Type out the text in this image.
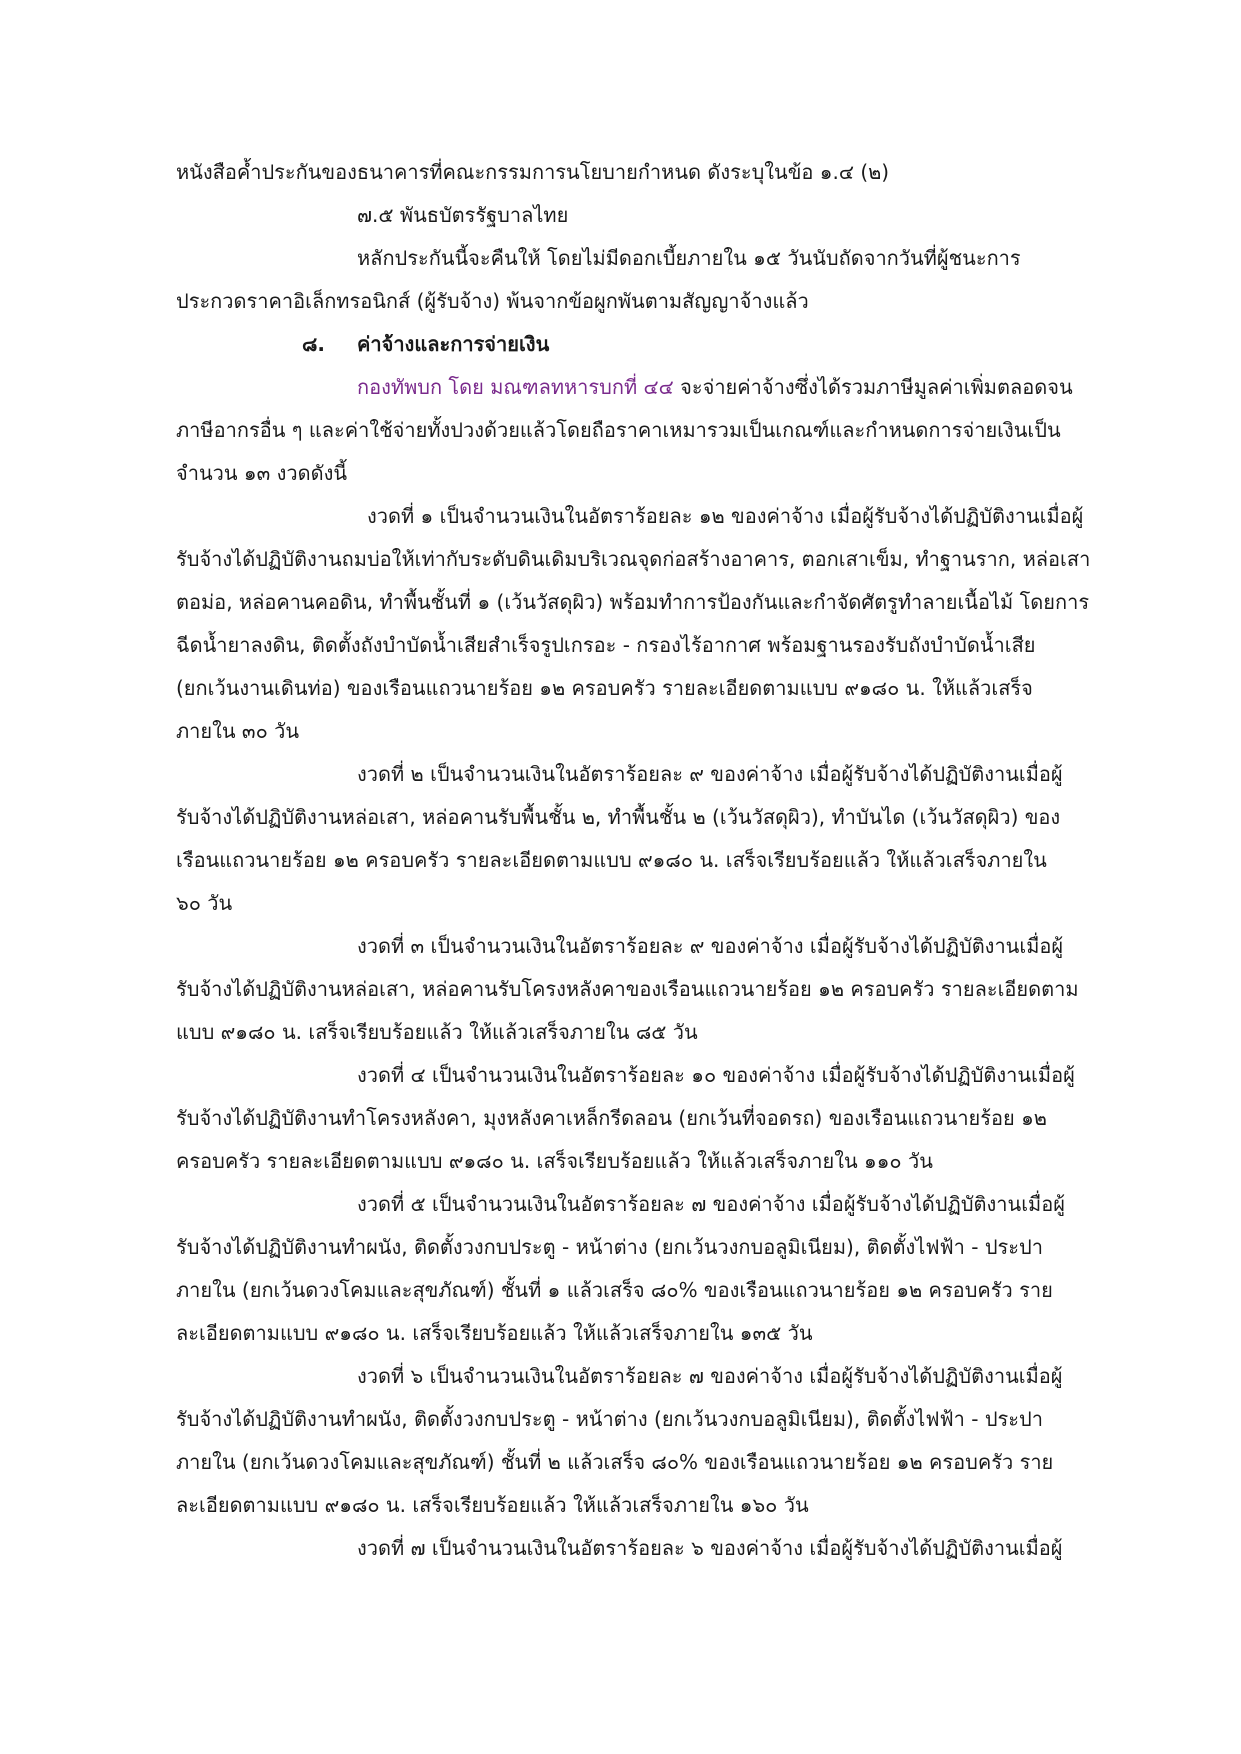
หนังสือค้ำประกันของธนาคารที่คณะกรรมการนโยบายกำหนด ดังระบุในข้อ ๑.๔ (๒)
๗.๕ พันธบัตรรัฐบาลไทย
หลักประกันนี้จะคืนให้ โดยไม่มีดอกเบี้ยภายใน ๑๕ วันนับถัดจากวันที่ผู้ชนะการ
ประกวดราคาอิเล็กทรอนิกส์ (ผู้รับจ้าง) พ้นจากข้อผูกพันตามสัญญาจ้างแล้ว
๘. ค่าจ้างและการจ่ายเงิน
กองทัพบก โดย มณฑลทหารบกที่ ๔๔ จะจ่ายค่าจ้างซึ่งได้รวมภาษีมูลค่าเพิ่มตลอดจน
ภาษีอากรอื่น ๆ และค่าใช้จ่ายทั้งปวงด้วยแล้วโดยถือราคาเหมารวมเป็นเกณฑ์และกำหนดการจ่ายเงินเป็น
จำนวน ๑๓ งวดดังนี้
งวดที่ ๑ เป็นจำนวนเงินในอัตราร้อยละ ๑๒ ของค่าจ้าง เมื่อผู้รับจ้างได้ปฏิบัติงานเมื่อผู้
รับจ้างได้ปฏิบัติงานถมบ่อให้เท่ากับระดับดินเดิมบริเวณจุดก่อสร้างอาคาร, ตอกเสาเข็ม, ทำฐานราก, หล่อเสา
ตอม่อ, หล่อคานคอดิน, ทำพื้นชั้นที่ ๑ (เว้นวัสดุผิว) พร้อมทำการป้องกันและกำจัดศัตรูทำลายเนื้อไม้ โดยการ
ฉีดน้ำยาลงดิน, ติดตั้งถังบำบัดน้ำเสียสำเร็จรูปเกรอะ - กรองไร้อากาศ พร้อมฐานรองรับถังบำบัดน้ำเสีย
(ยกเว้นงานเดินท่อ) ของเรือนแถวนายร้อย ๑๒ ครอบครัว รายละเอียดตามแบบ ๙๑๘๐ น. ให้แล้วเสร็จ
ภายใน ๓๐ วัน
งวดที่ ๒ เป็นจำนวนเงินในอัตราร้อยละ ๙ ของค่าจ้าง เมื่อผู้รับจ้างได้ปฏิบัติงานเมื่อผู้
รับจ้างได้ปฏิบัติงานหล่อเสา, หล่อคานรับพื้นชั้น ๒, ทำพื้นชั้น ๒ (เว้นวัสดุผิว), ทำบันได (เว้นวัสดุผิว) ของ
เรือนแถวนายร้อย ๑๒ ครอบครัว รายละเอียดตามแบบ ๙๑๘๐ น. เสร็จเรียบร้อยแล้ว ให้แล้วเสร็จภายใน
๖๐ วัน
งวดที่ ๓ เป็นจำนวนเงินในอัตราร้อยละ ๙ ของค่าจ้าง เมื่อผู้รับจ้างได้ปฏิบัติงานเมื่อผู้
รับจ้างได้ปฏิบัติงานหล่อเสา, หล่อคานรับโครงหลังคาของเรือนแถวนายร้อย ๑๒ ครอบครัว รายละเอียดตาม
แบบ ๙๑๘๐ น. เสร็จเรียบร้อยแล้ว ให้แล้วเสร็จภายใน ๘๕ วัน
งวดที่ ๔ เป็นจำนวนเงินในอัตราร้อยละ ๑๐ ของค่าจ้าง เมื่อผู้รับจ้างได้ปฏิบัติงานเมื่อผู้
รับจ้างได้ปฏิบัติงานทำโครงหลังคา, มุงหลังคาเหล็กรีดลอน (ยกเว้นที่จอดรถ) ของเรือนแถวนายร้อย ๑๒
ครอบครัว รายละเอียดตามแบบ ๙๑๘๐ น. เสร็จเรียบร้อยแล้ว ให้แล้วเสร็จภายใน ๑๑๐ วัน
งวดที่ ๕ เป็นจำนวนเงินในอัตราร้อยละ ๗ ของค่าจ้าง เมื่อผู้รับจ้างได้ปฏิบัติงานเมื่อผู้
รับจ้างได้ปฏิบัติงานทำผนัง, ติดตั้งวงกบประตู - หน้าต่าง (ยกเว้นวงกบอลูมิเนียม), ติดตั้งไฟฟ้า - ประปา
ภายใน (ยกเว้นดวงโคมและสุขภัณฑ์) ชั้นที่ ๑ แล้วเสร็จ ๘๐% ของเรือนแถวนายร้อย ๑๒ ครอบครัว ราย
ละเอียดตามแบบ ๙๑๘๐ น. เสร็จเรียบร้อยแล้ว ให้แล้วเสร็จภายใน ๑๓๕ วัน
งวดที่ ๖ เป็นจำนวนเงินในอัตราร้อยละ ๗ ของค่าจ้าง เมื่อผู้รับจ้างได้ปฏิบัติงานเมื่อผู้
รับจ้างได้ปฏิบัติงานทำผนัง, ติดตั้งวงกบประตู - หน้าต่าง (ยกเว้นวงกบอลูมิเนียม), ติดตั้งไฟฟ้า - ประปา
ภายใน (ยกเว้นดวงโคมและสุขภัณฑ์) ชั้นที่ ๒ แล้วเสร็จ ๘๐% ของเรือนแถวนายร้อย ๑๒ ครอบครัว ราย
ละเอียดตามแบบ ๙๑๘๐ น. เสร็จเรียบร้อยแล้ว ให้แล้วเสร็จภายใน ๑๖๐ วัน
งวดที่ ๗ เป็นจำนวนเงินในอัตราร้อยละ ๖ ของค่าจ้าง เมื่อผู้รับจ้างได้ปฏิบัติงานเมื่อผู้
